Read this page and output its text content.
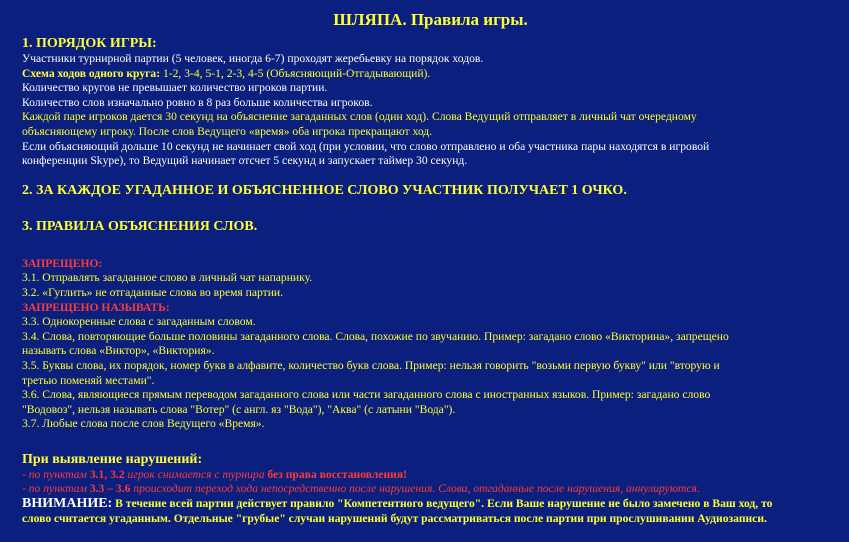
ШЛЯПА. Правила игры.
1. ПОРЯДОК ИГРЫ:
Участники турнирной партии (5 человек, иногда 6-7) проходят жеребьевку на порядок ходов.
Схема ходов одного круга: 1-2, 3-4, 5-1, 2-3, 4-5 (Объясняющий-Отгадывающий).
Количество кругов не превышает количество игроков партии.
Количество слов изначально ровно в 8 раз больше количества игроков.
Каждой паре игроков дается 30 секунд на объяснение загаданных слов (один ход). Слова Ведущий отправляет в личный чат очередному
объясняющему игроку. После слов Ведущего «время» оба игрока прекращают ход.
Если объясняющий дольше 10 секунд не начинает свой ход (при условии, что слово отправлено и оба участника пары находятся в игровой
конференции Skype), то Ведущий начинает отсчет 5 секунд и запускает таймер 30 секунд.
2. ЗА КАЖДОЕ УГАДАННОЕ И ОБЪЯСНЕННОЕ СЛОВО УЧАСТНИК ПОЛУЧАЕТ 1 ОЧКО.
3. ПРАВИЛА ОБЪЯСНЕНИЯ СЛОВ.
ЗАПРЕЩЕНО:
3.1. Отправлять загаданное слово в личный чат напарнику.
3.2. «Гуглить» не отгаданные слова во время партии.
ЗАПРЕЩЕНО НАЗЫВАТЬ:
3.3. Однокоренные слова с загаданным словом.
3.4. Слова, повторяющие больше половины загаданного слова. Слова, похожие по звучанию. Пример: загадано слово «Викторина», запрещено
называть слова «Виктор», «Виктория».
3.5. Буквы слова, их порядок, номер букв в алфавите, количество букв слова. Пример: нельзя говорить "возьми первую букву" или "вторую и
третью поменяй местами".
3.6. Слова, являющиеся прямым переводом загаданного слова или части загаданного слова с иностранных языков. Пример: загадано слово
"Водовоз", нельзя называть слова "Вотер" (с англ. яз "Вода"), "Аква" (с латыни "Вода").
3.7. Любые слова после слов Ведущего «Время».
При выявление нарушений:
- по пунктам 3.1, 3.2 игрок снимается с турнира без права восстановления!
- по пунктам 3.3 – 3.6 происходит переход хода непосредственно после нарушения. Слова, отгаданные после нарушения, аннулируются.
ВНИМАНИЕ: В течение всей партии действует правило "Компетентного ведущего". Если Ваше нарушение не было замечено в Ваш ход, то
слово считается угаданным. Отдельные "грубые" случаи нарушений будут рассматриваться после партии при прослушивании Аудиозаписи.
